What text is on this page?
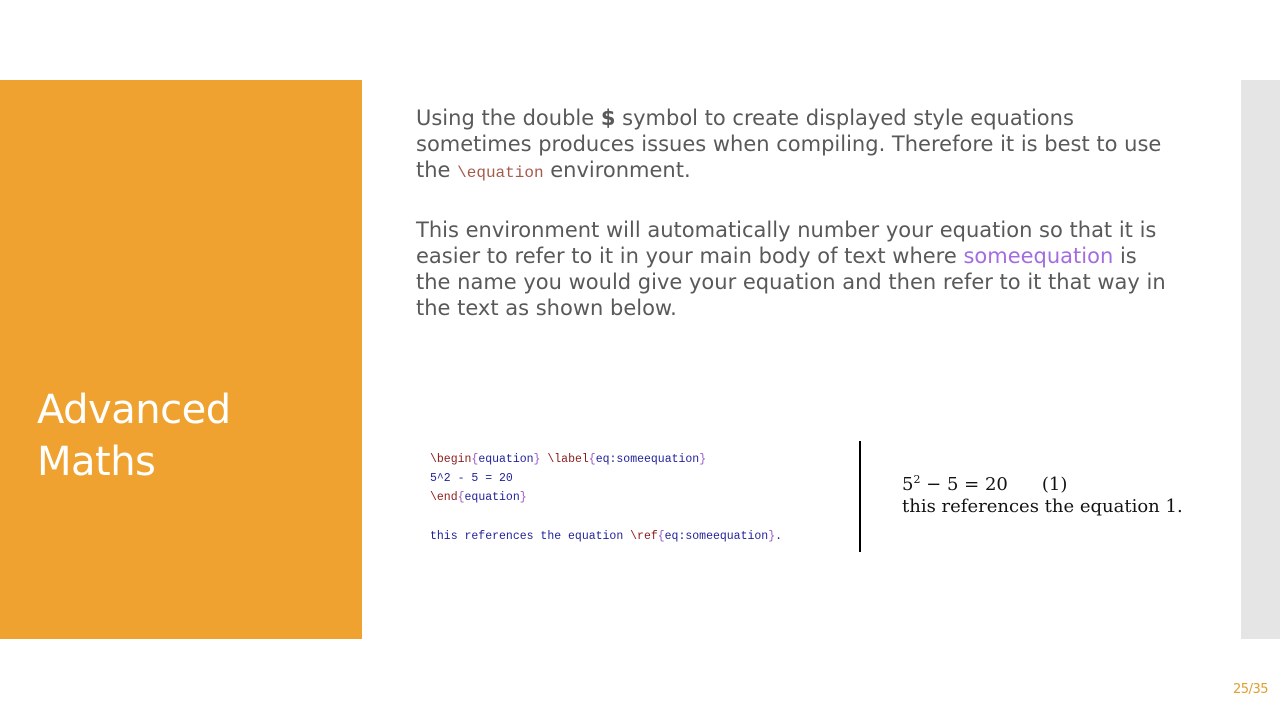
Advanced Maths

Using the double $ symbol to create displayed style equations sometimes produces issues when compiling. Therefore it is best to use the \equation environment.

This environment will automatically number your equation so that it is easier to refer to it in your main body of text where someequation is the name you would give your equation and then refer to it that way in the text as shown below.

\begin{equation} \label{eq:someequation}
5^2 - 5 = 20
\end{equation}
this references the equation \ref{eq:someequation}.
$5^2 - 5 = 20$ (1)
this references the equation 1.
25/35
